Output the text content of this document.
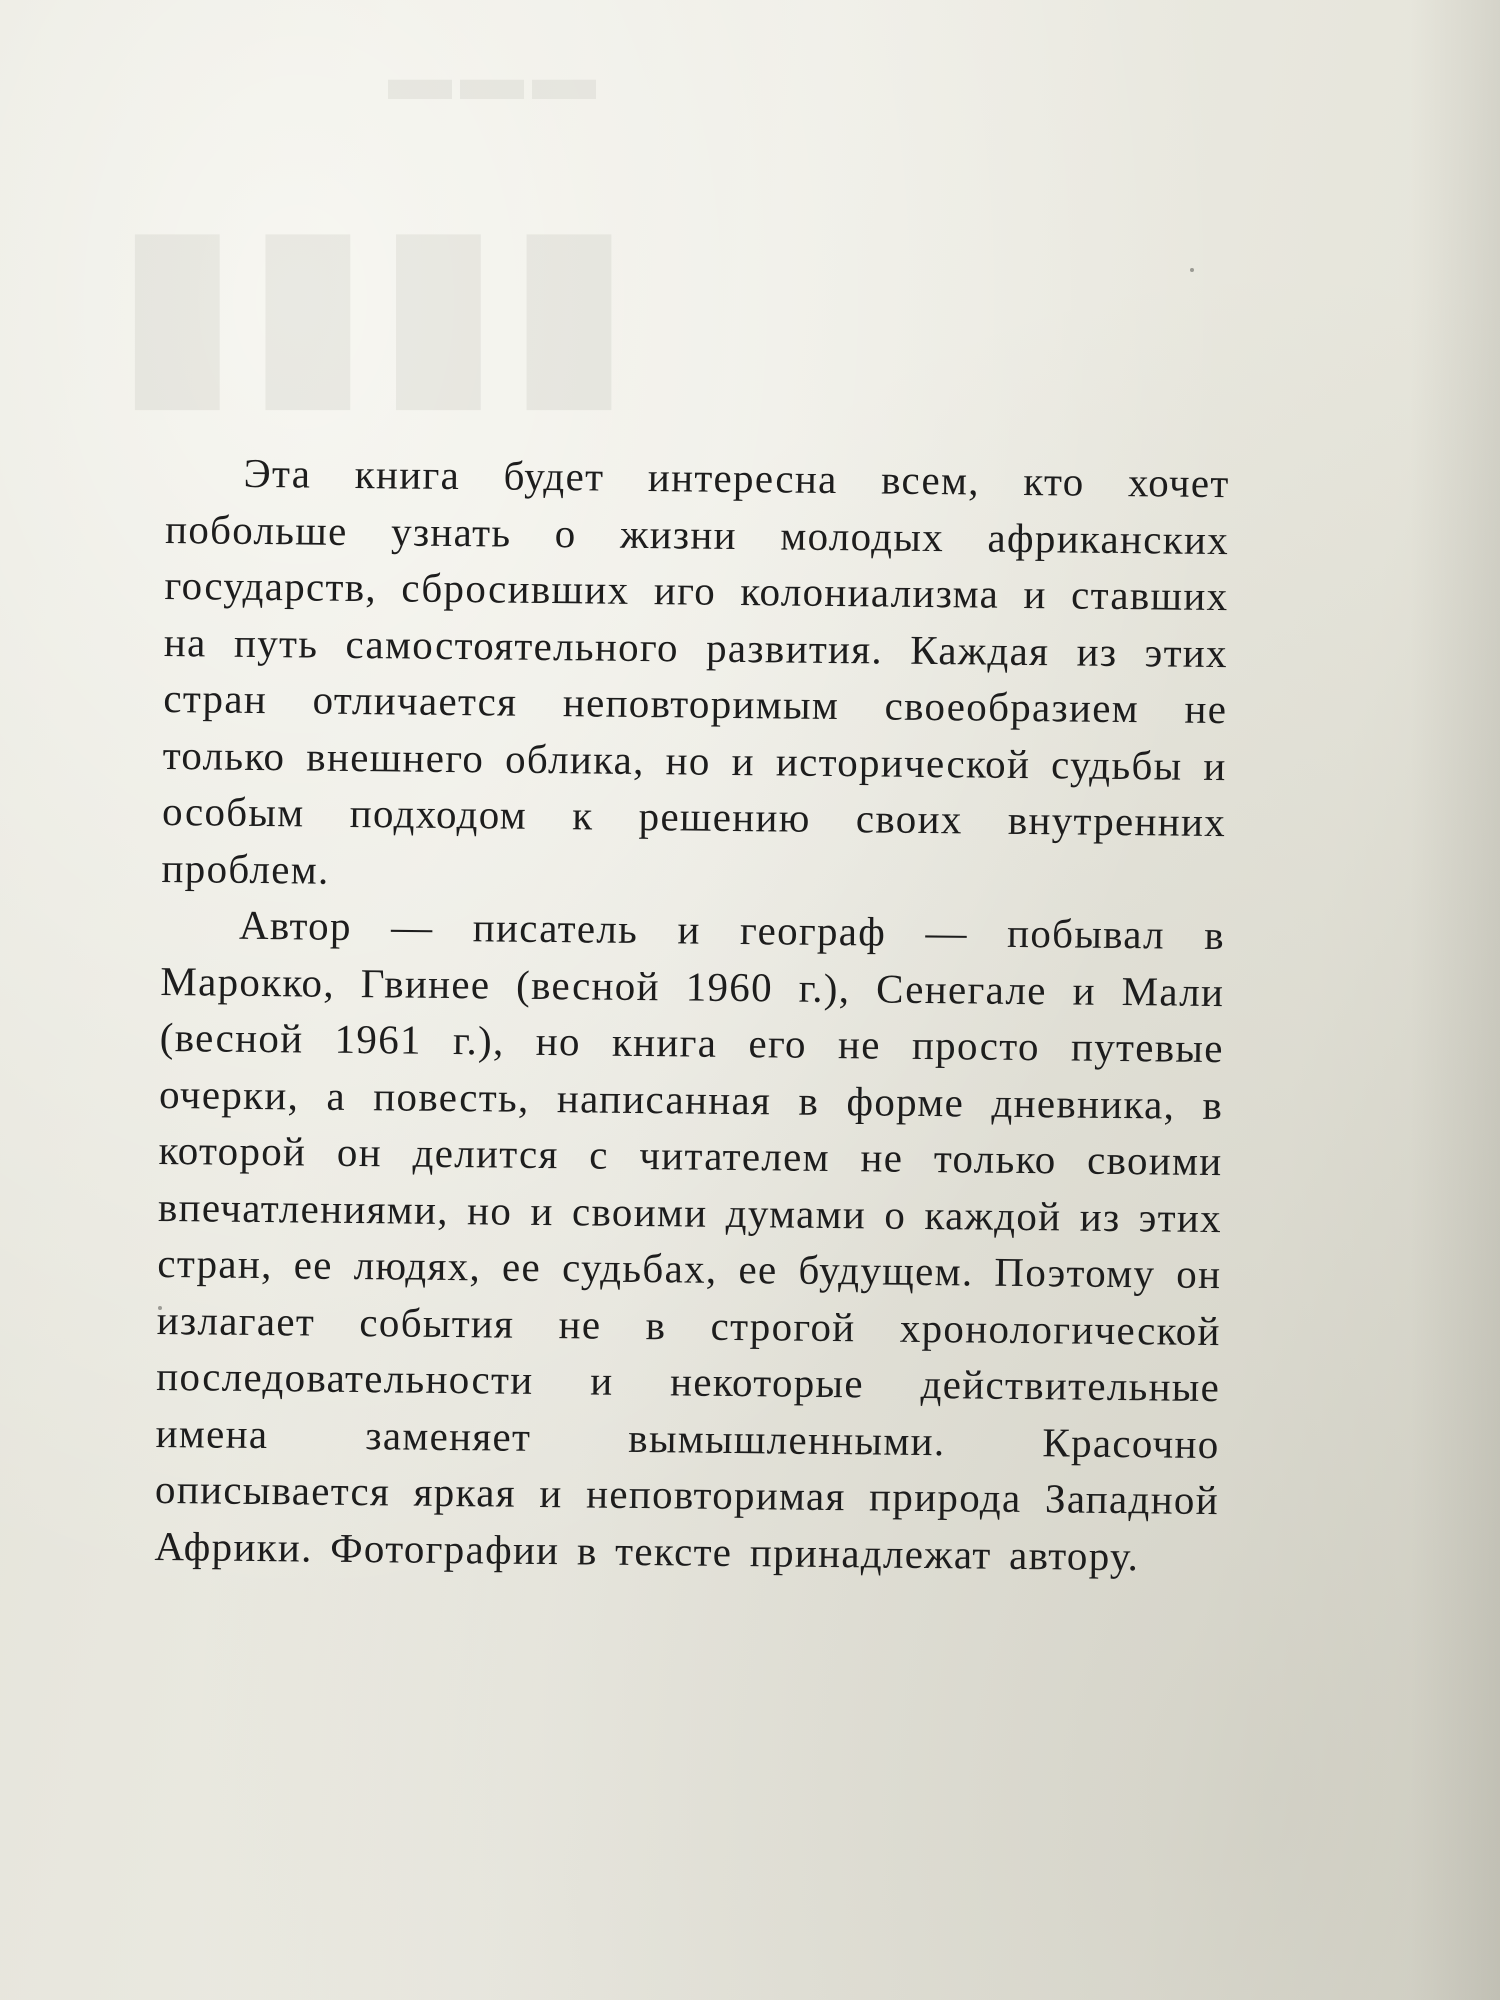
▬▬▬
▮▮▮▮

Эта книга будет интересна всем, кто хочет побольше узнать о жизни молодых африканских государств, сбросивших иго колониализма и ставших на путь самостоятельного развития. Каждая из этих стран отличается неповторимым своеобразием не только внешнего облика, но и исторической судьбы и особым подходом к решению своих внутренних проблем.

Автор — писатель и географ — побывал в Марокко, Гвинее (весной 1960 г.), Сенегале и Мали (весной 1961 г.), но книга его не просто путевые очерки, а повесть, написанная в форме дневника, в которой он делится с читателем не только своими впечатлениями, но и своими думами о каждой из этих стран, ее людях, ее судьбах, ее будущем. Поэтому он излагает события не в строгой хронологической последовательности и некоторые действительные имена заменяет вымышленными. Красочно описывается яркая и неповторимая природа Западной Африки. Фотографии в тексте принадлежат автору.
